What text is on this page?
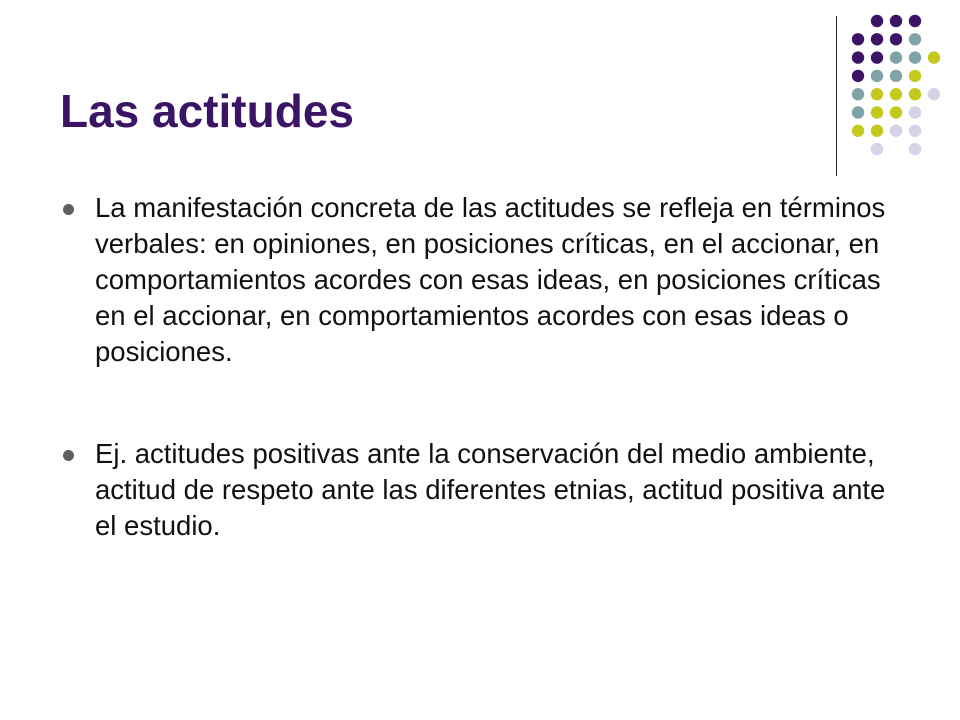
Las actitudes
La manifestación concreta de las actitudes se refleja en términos verbales: en opiniones, en posiciones críticas, en el accionar, en comportamientos acordes con esas ideas, en posiciones críticas en el accionar, en comportamientos acordes con esas ideas o posiciones.
Ej. actitudes positivas ante la conservación del medio ambiente, actitud de respeto ante las diferentes etnias, actitud positiva ante el estudio.
